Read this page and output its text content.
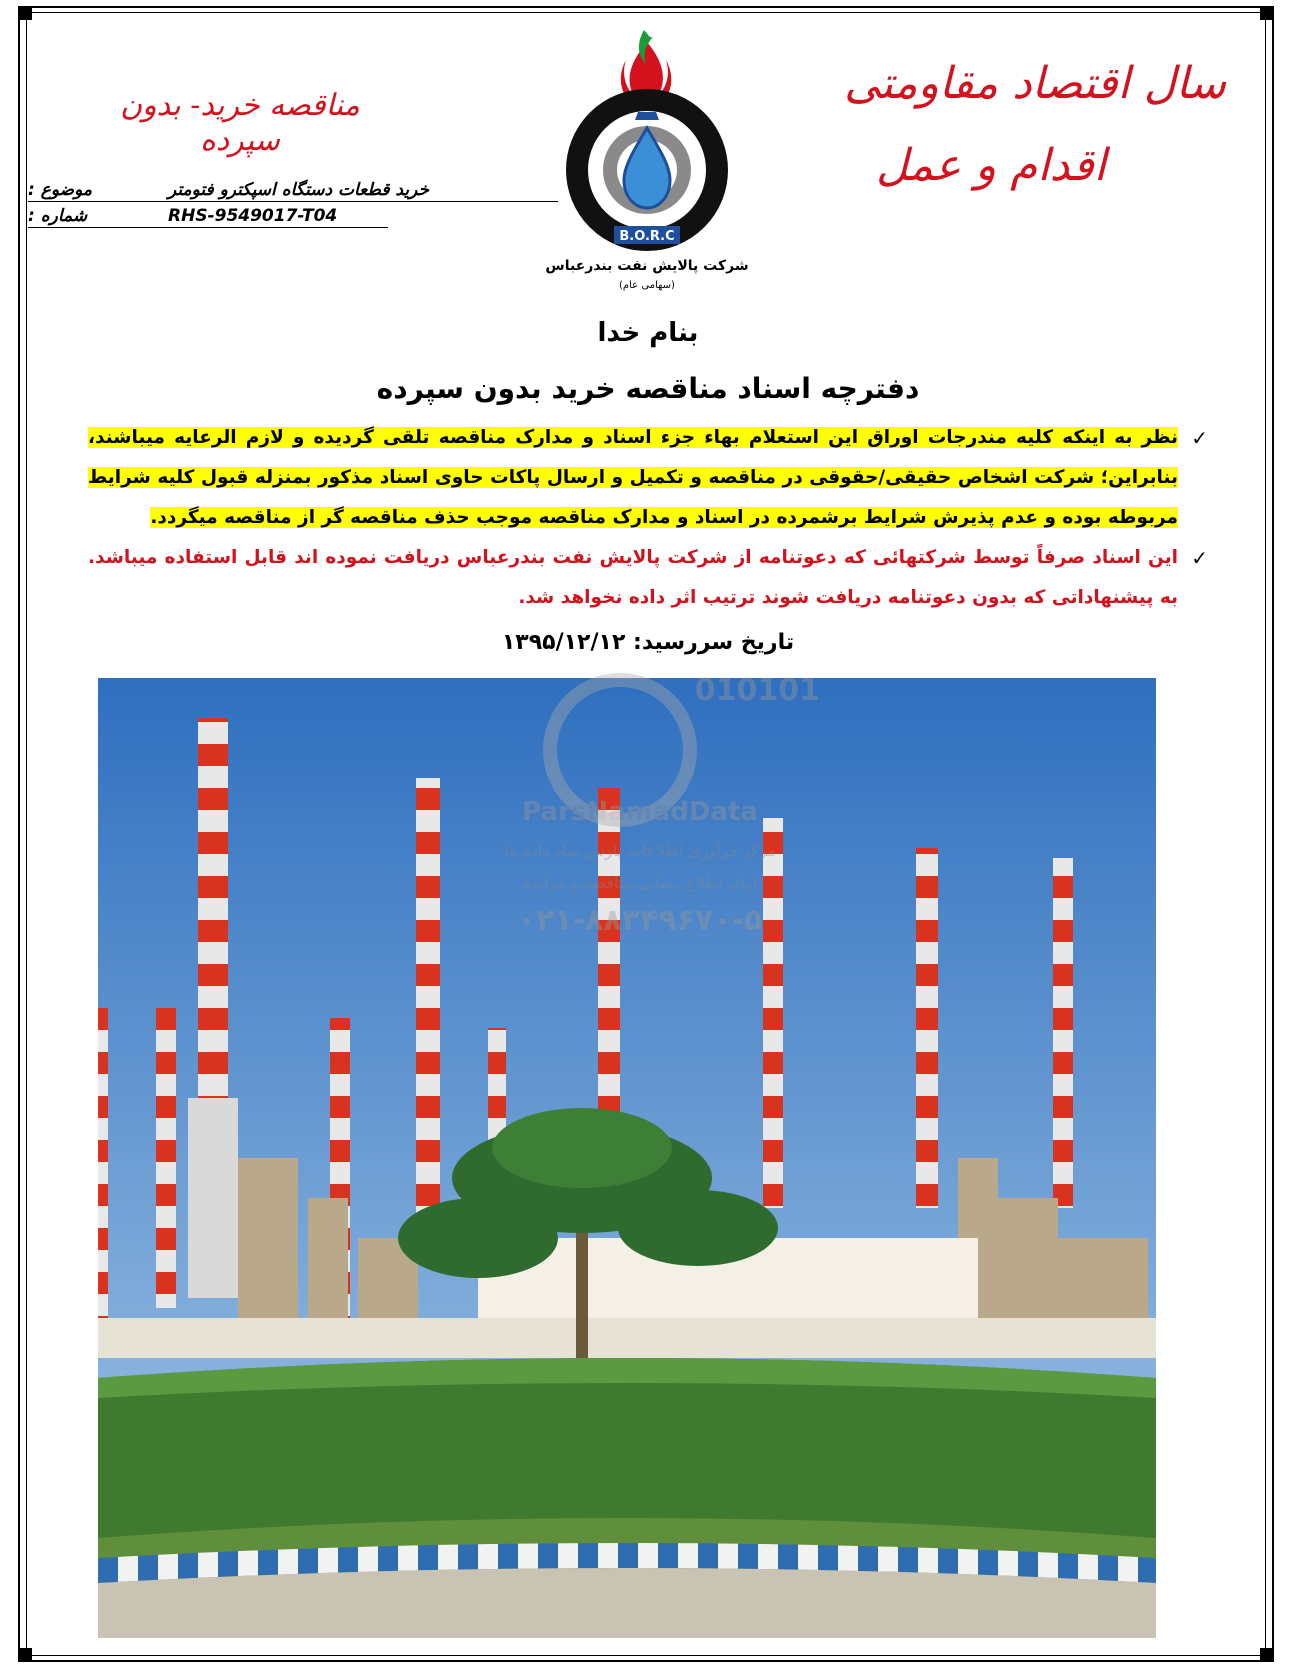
سال اقتصاد مقاومتی
اقدام و عمل
مناقصه خرید- بدون سپرده
موضوع :	خرید قطعات دستگاه اسپکترو فتومتر
شماره :	RHS-9549017-T04
B.O.R.C
شرکت پالایش نفت بندرعباس
(سهامی عام)
بنام خدا
دفترچه اسناد مناقصه خرید بدون سپرده
✓
نظر به اینکه کلیه مندرجات اوراق این استعلام بهاء جزء اسناد و مدارک مناقصه تلقی گردیده و لازم الرعایه میباشند، بنابراین؛ شرکت اشخاص حقیقی/حقوقی در مناقصه و تکمیل و ارسال پاکات حاوی اسناد مذکور بمنزله قبول کلیه شرایط مربوطه بوده و عدم پذیرش شرایط برشمرده در اسناد و مدارک مناقصه موجب حذف مناقصه گر از مناقصه میگردد.
✓
این اسناد صرفاً توسط شرکتهائی که دعوتنامه از شرکت پالایش نفت بندرعباس دریافت نموده اند قابل استفاده میباشد. به پیشنهاداتی که بدون دعوتنامه دریافت شوند ترتیب اثر داده نخواهد شد.
تاریخ سررسید: ۱۳۹۵/۱۲/۱۲
010101
ParsNamadData
مرکز فرآوری اطلاعات پارس نماد داده ها
ارائه اطلاع رسانی مناقصه و مزایده
۰۲۱-۸۸۳۴۹۶۷۰-۵
